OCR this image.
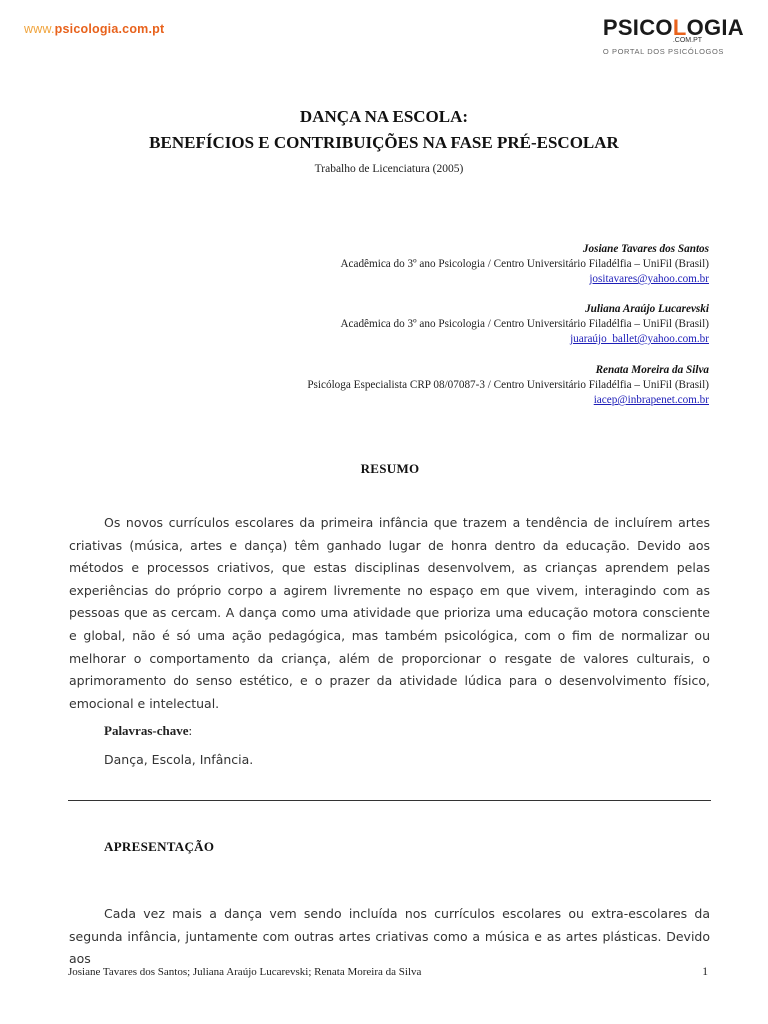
www.psicologia.com.pt	PSICO L OGIA
.COM.PT
O PORTAL DOS PSICÓLOGOS
DANÇA NA ESCOLA:
BENEFÍCIOS E CONTRIBUIÇÕES NA FASE PRÉ-ESCOLAR
Trabalho de Licenciatura (2005)
Josiane Tavares dos Santos
Acadêmica do 3º ano Psicologia / Centro Universitário Filadélfia – UniFil (Brasil)
jositavares@yahoo.com.br
Juliana Araújo Lucarevski
Acadêmica do 3º ano Psicologia / Centro Universitário Filadélfia – UniFil (Brasil)
juaraújo_ballet@yahoo.com.br
Renata Moreira da Silva
Psicóloga Especialista CRP 08/07087-3 / Centro Universitário Filadélfia – UniFil (Brasil)
iacep@inbrapenet.com.br
RESUMO
Os novos currículos escolares da primeira infância que trazem a tendência de incluírem artes criativas (música, artes e dança) têm ganhado lugar de honra dentro da educação. Devido aos métodos e processos criativos, que estas disciplinas desenvolvem, as crianças aprendem pelas experiências do próprio corpo a agirem livremente no espaço em que vivem, interagindo com as pessoas que as cercam. A dança como uma atividade que prioriza uma educação motora consciente e global, não é só uma ação pedagógica, mas também psicológica, com o fim de normalizar ou melhorar o comportamento da criança, além de proporcionar o resgate de valores culturais, o aprimoramento do senso estético, e o prazer da atividade lúdica para o desenvolvimento físico, emocional e intelectual.
Palavras-chave:
Dança, Escola, Infância.
APRESENTAÇÃO
Cada vez mais a dança vem sendo incluída nos currículos escolares ou extra-escolares da segunda infância, juntamente com outras artes criativas como a música e as artes plásticas. Devido aos
Josiane Tavares dos Santos; Juliana Araújo Lucarevski; Renata Moreira da Silva	1
